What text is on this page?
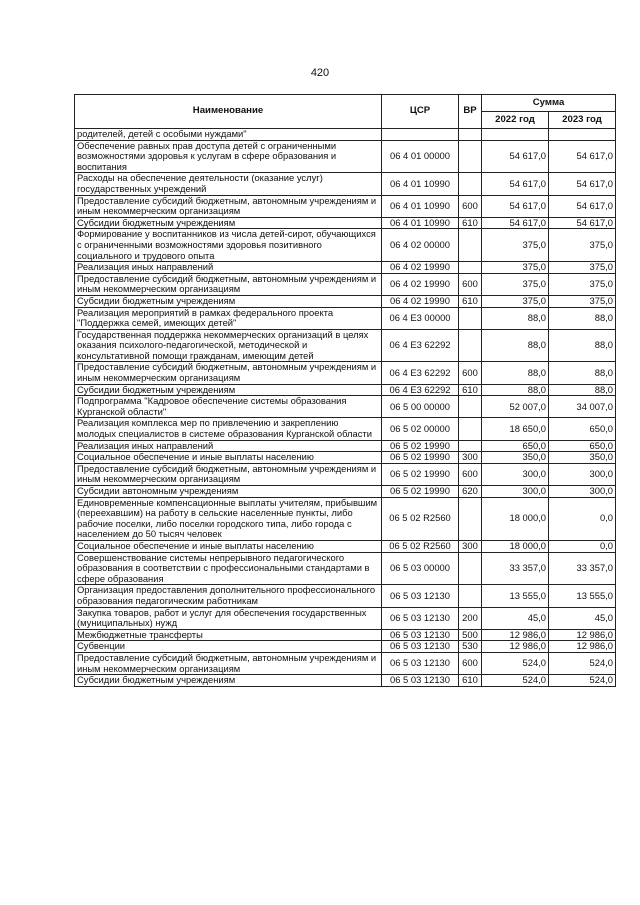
420
Наименование	ЦСР	ВР	Сумма	
			2022 год	2023 год
родителей, детей с особыми нуждами"				
Обеспечение равных прав доступа детей с ограниченными возможностями здоровья к услугам в сфере образования и воспитания	06 4 01 00000		54 617,0	54 617,0
Расходы на обеспечение деятельности (оказание услуг) государственных учреждений	06 4 01 10990		54 617,0	54 617,0
Предоставление субсидий бюджетным, автономным учреждениям и иным некоммерческим организациям	06 4 01 10990	600	54 617,0	54 617,0
Субсидии бюджетным учреждениям	06 4 01 10990	610	54 617,0	54 617,0
Формирование у воспитанников из числа детей-сирот, обучающихся с ограниченными возможностями здоровья позитивного социального и трудового опыта	06 4 02 00000		375,0	375,0
Реализация иных направлений	06 4 02 19990		375,0	375,0
Предоставление субсидий бюджетным, автономным учреждениям и иным некоммерческим организациям	06 4 02 19990	600	375,0	375,0
Субсидии бюджетным учреждениям	06 4 02 19990	610	375,0	375,0
Реализация мероприятий в рамках федерального проекта "Поддержка семей, имеющих детей"	06 4 E3 00000		88,0	88,0
Государственная поддержка некоммерческих организаций в целях оказания психолого-педагогической, методической и консультативной помощи гражданам, имеющим детей	06 4 E3 62292		88,0	88,0
Предоставление субсидий бюджетным, автономным учреждениям и иным некоммерческим организациям	06 4 E3 62292	600	88,0	88,0
Субсидии бюджетным учреждениям	06 4 E3 62292	610	88,0	88,0
Подпрограмма "Кадровое обеспечение системы образования Курганской области"	06 5 00 00000		52 007,0	34 007,0
Реализация комплекса мер по привлечению и закреплению молодых специалистов в системе образования Курганской области	06 5 02 00000		18 650,0	650,0
Реализация иных направлений	06 5 02 19990		650,0	650,0
Социальное обеспечение и иные выплаты населению	06 5 02 19990	300	350,0	350,0
Предоставление субсидий бюджетным, автономным учреждениям и иным некоммерческим организациям	06 5 02 19990	600	300,0	300,0
Субсидии автономным учреждениям	06 5 02 19990	620	300,0	300,0
Единовременные компенсационные выплаты учителям, прибывшим (переехавшим) на работу в сельские населенные пункты, либо рабочие поселки, либо поселки городского типа, либо города с населением до 50 тысяч человек	06 5 02 R2560		18 000,0	0,0
Социальное обеспечение и иные выплаты населению	06 5 02 R2560	300	18 000,0	0,0
Совершенствование системы непрерывного педагогического образования в соответствии с профессиональными стандартами в сфере образования	06 5 03 00000		33 357,0	33 357,0
Организация предоставления дополнительного профессионального образования педагогическим работникам	06 5 03 12130		13 555,0	13 555,0
Закупка товаров, работ и услуг для обеспечения государственных (муниципальных) нужд	06 5 03 12130	200	45,0	45,0
Межбюджетные трансферты	06 5 03 12130	500	12 986,0	12 986,0
Субвенции	06 5 03 12130	530	12 986,0	12 986,0
Предоставление субсидий бюджетным, автономным учреждениям и иным некоммерческим организациям	06 5 03 12130	600	524,0	524,0
Субсидии бюджетным учреждениям	06 5 03 12130	610	524,0	524,0
